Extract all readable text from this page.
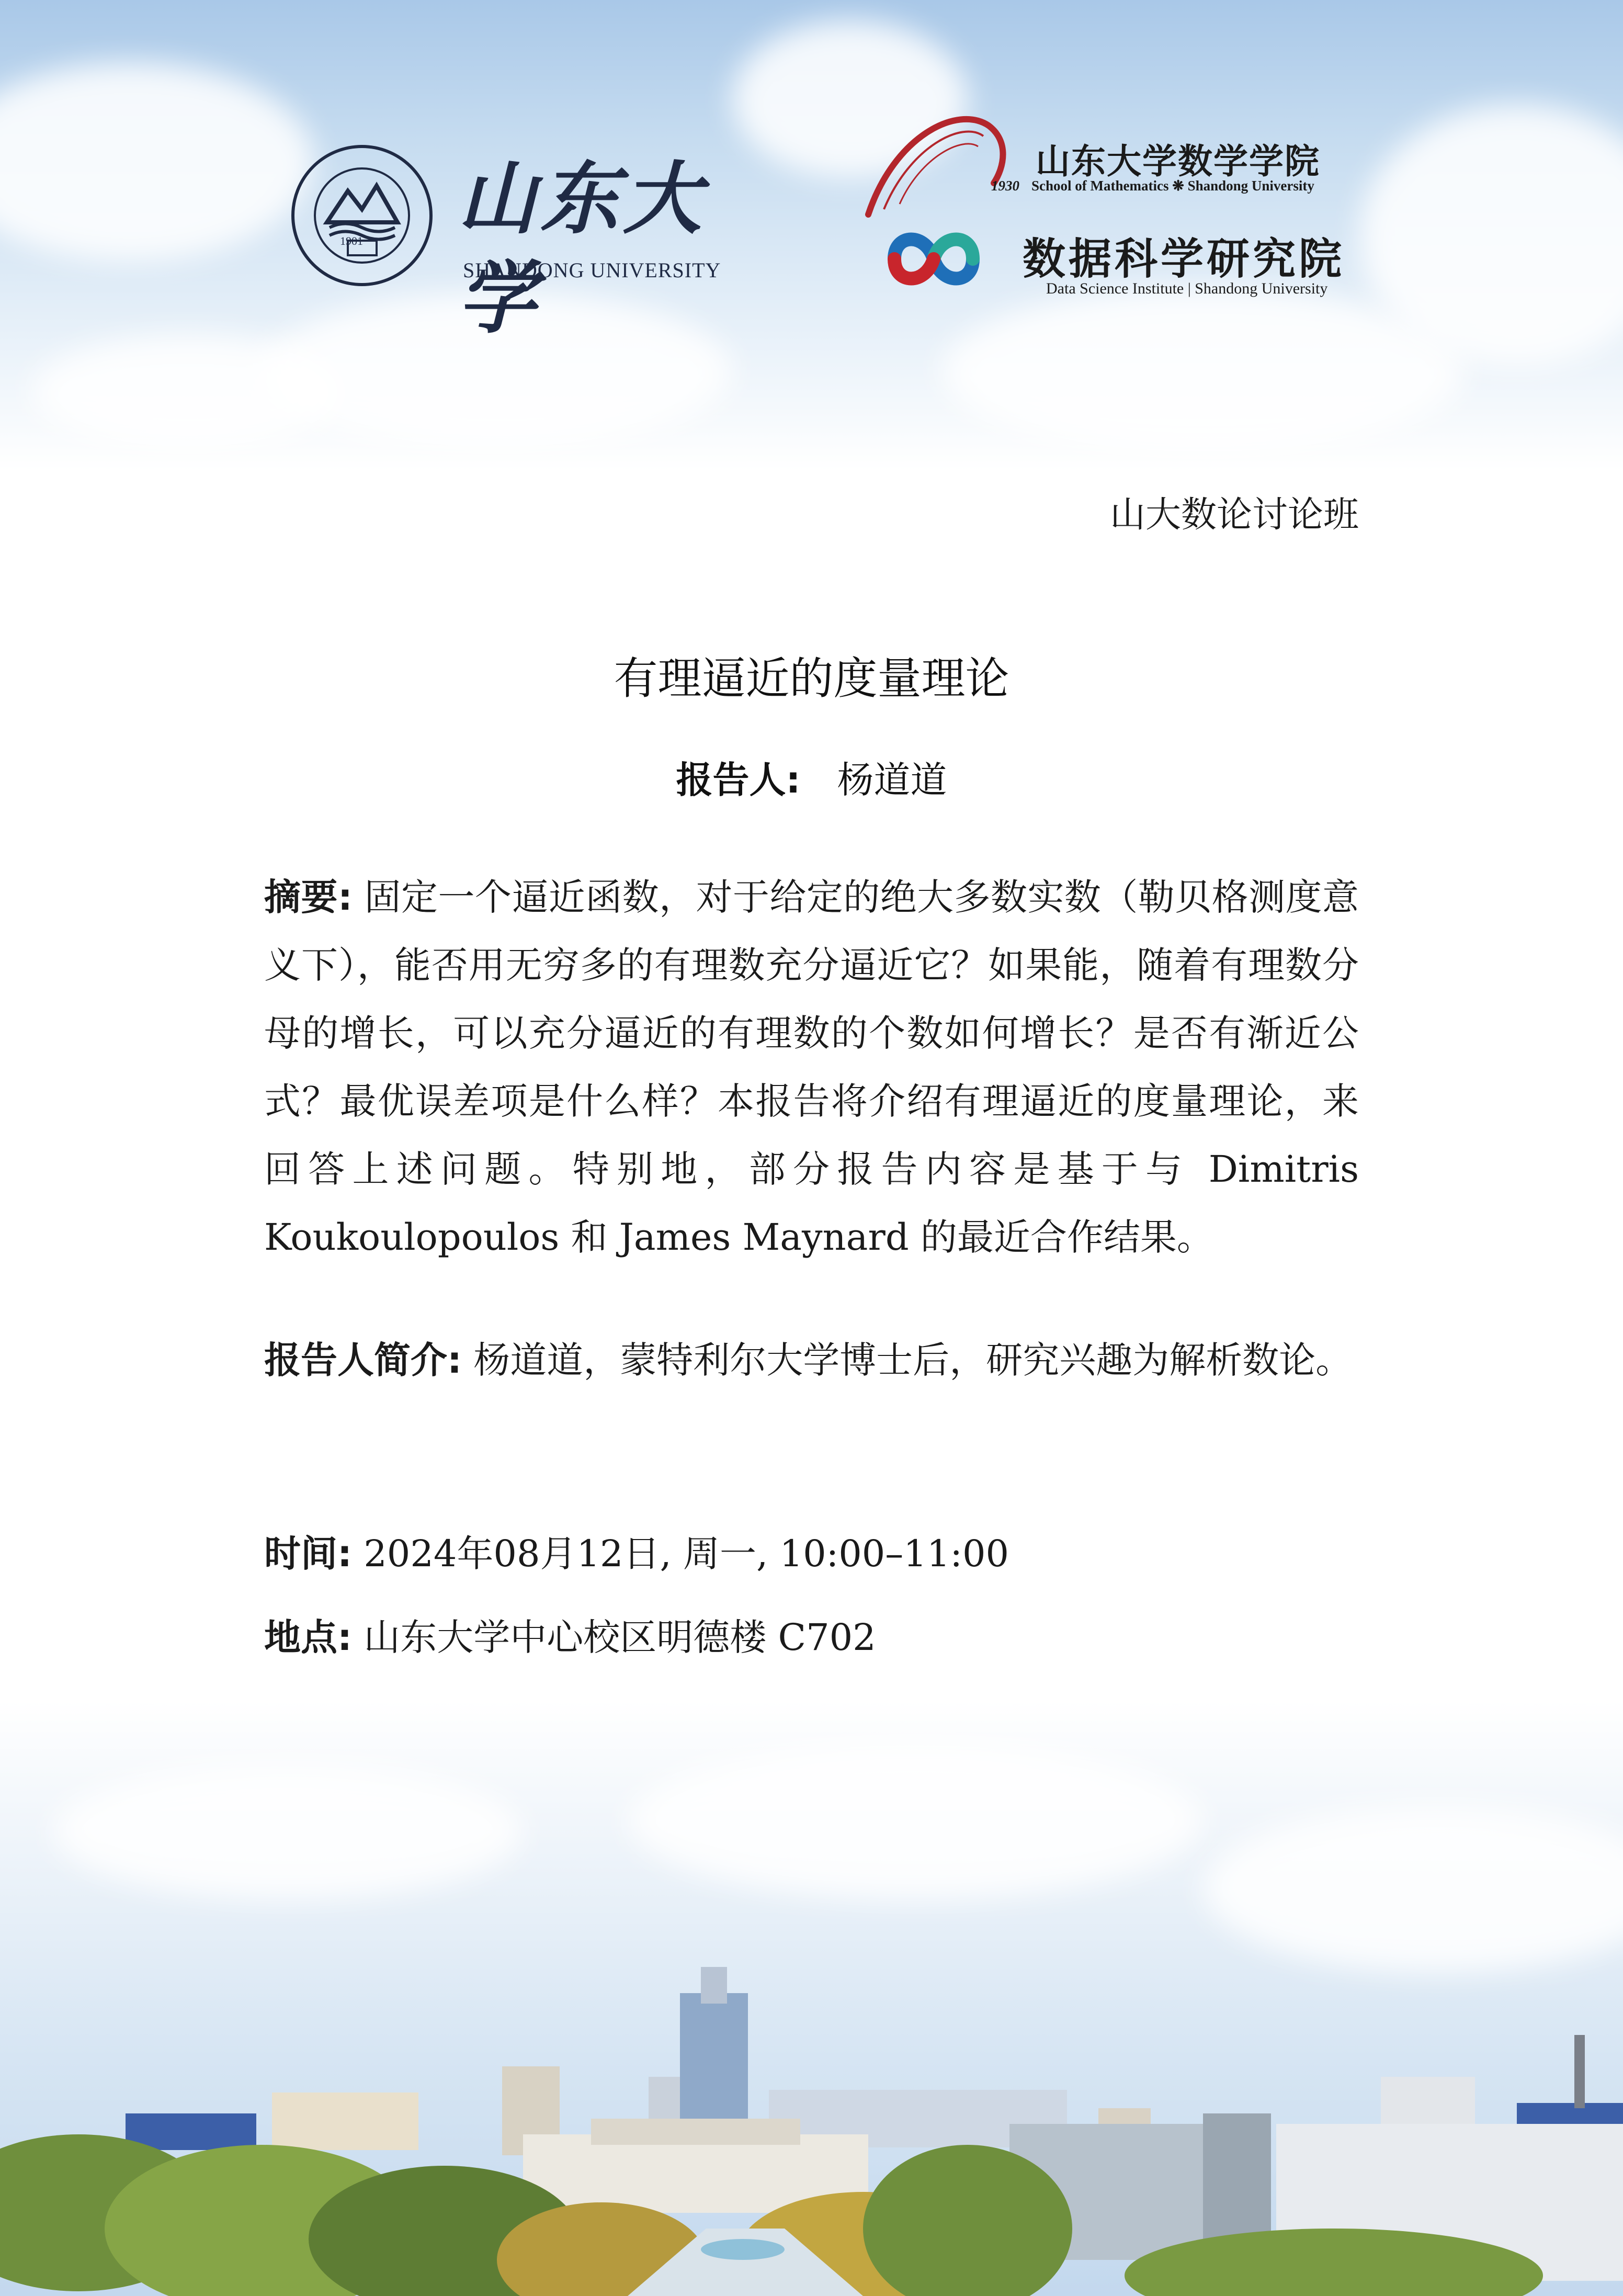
1901 山东大学
SHANDONG UNIVERSITY
山东大学数学学院
1930 School of Mathematics ❋ Shandong University
数据科学研究院
Data Science Institute | Shandong University
山大数论讨论班
有理逼近的度量理论
报告人: 杨道道
摘要: 固定一个逼近函数，对于给定的绝大多数实数（勒贝格测度意义下），能否用无穷多的有理数充分逼近它？如果能，随着有理数分母的增长，可以充分逼近的有理数的个数如何增长？是否有渐近公式？最优误差项是什么样？本报告将介绍有理逼近的度量理论，来回答上述问题。特别地，部分报告内容是基于与 Dimitris Koukoulopoulos 和 James Maynard 的最近合作结果。
报告人简介: 杨道道，蒙特利尔大学博士后，研究兴趣为解析数论。
时间: 2024年08月12日, 周一, 10:00–11:00
地点: 山东大学中心校区明德楼 C702
